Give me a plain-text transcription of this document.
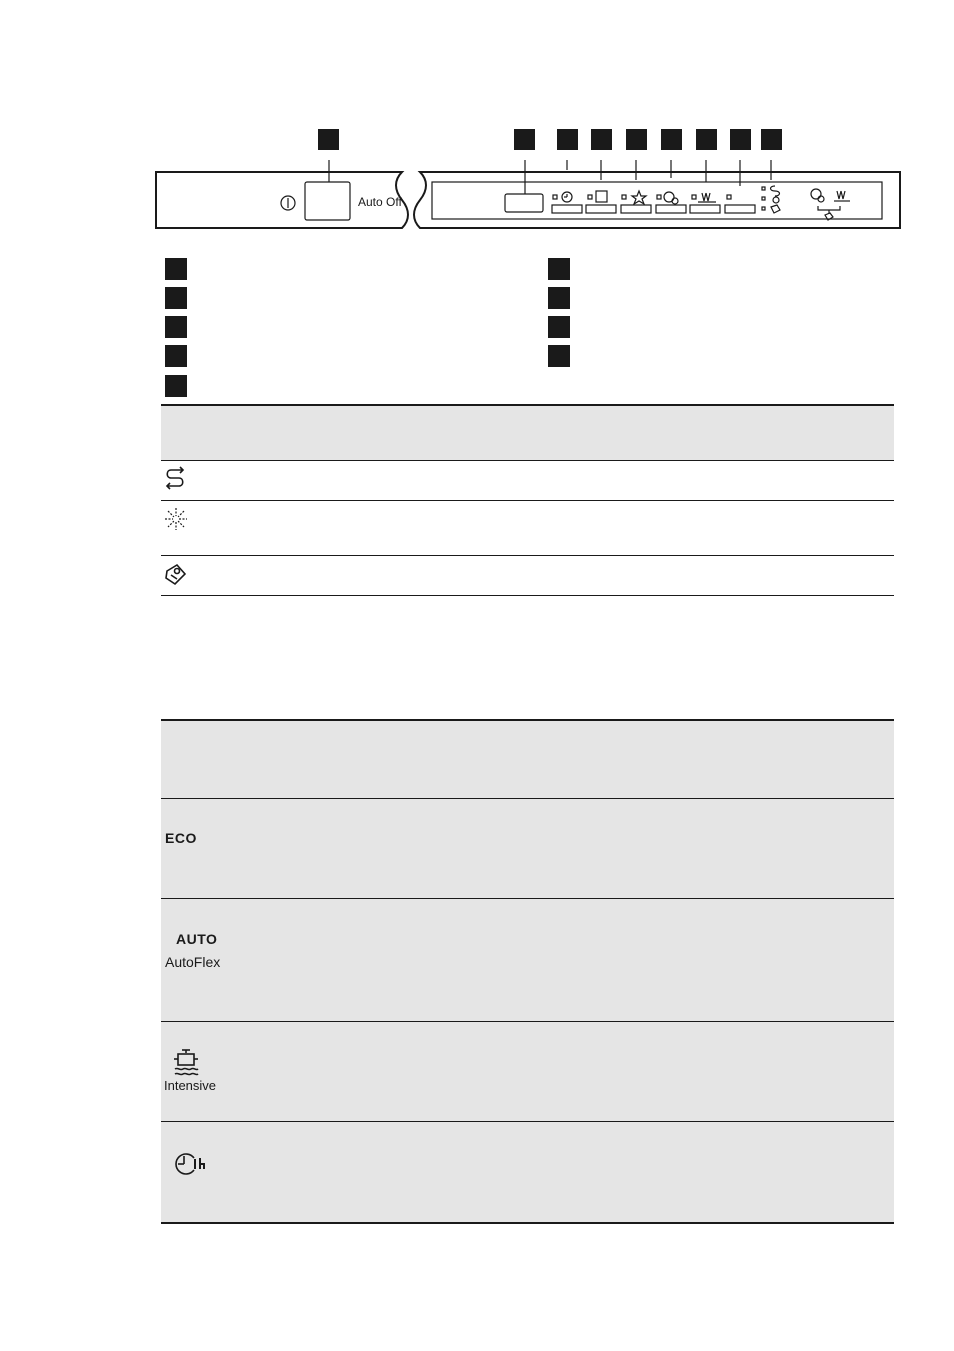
Auto Off
ECO
AUTO
AutoFlex
Intensive
